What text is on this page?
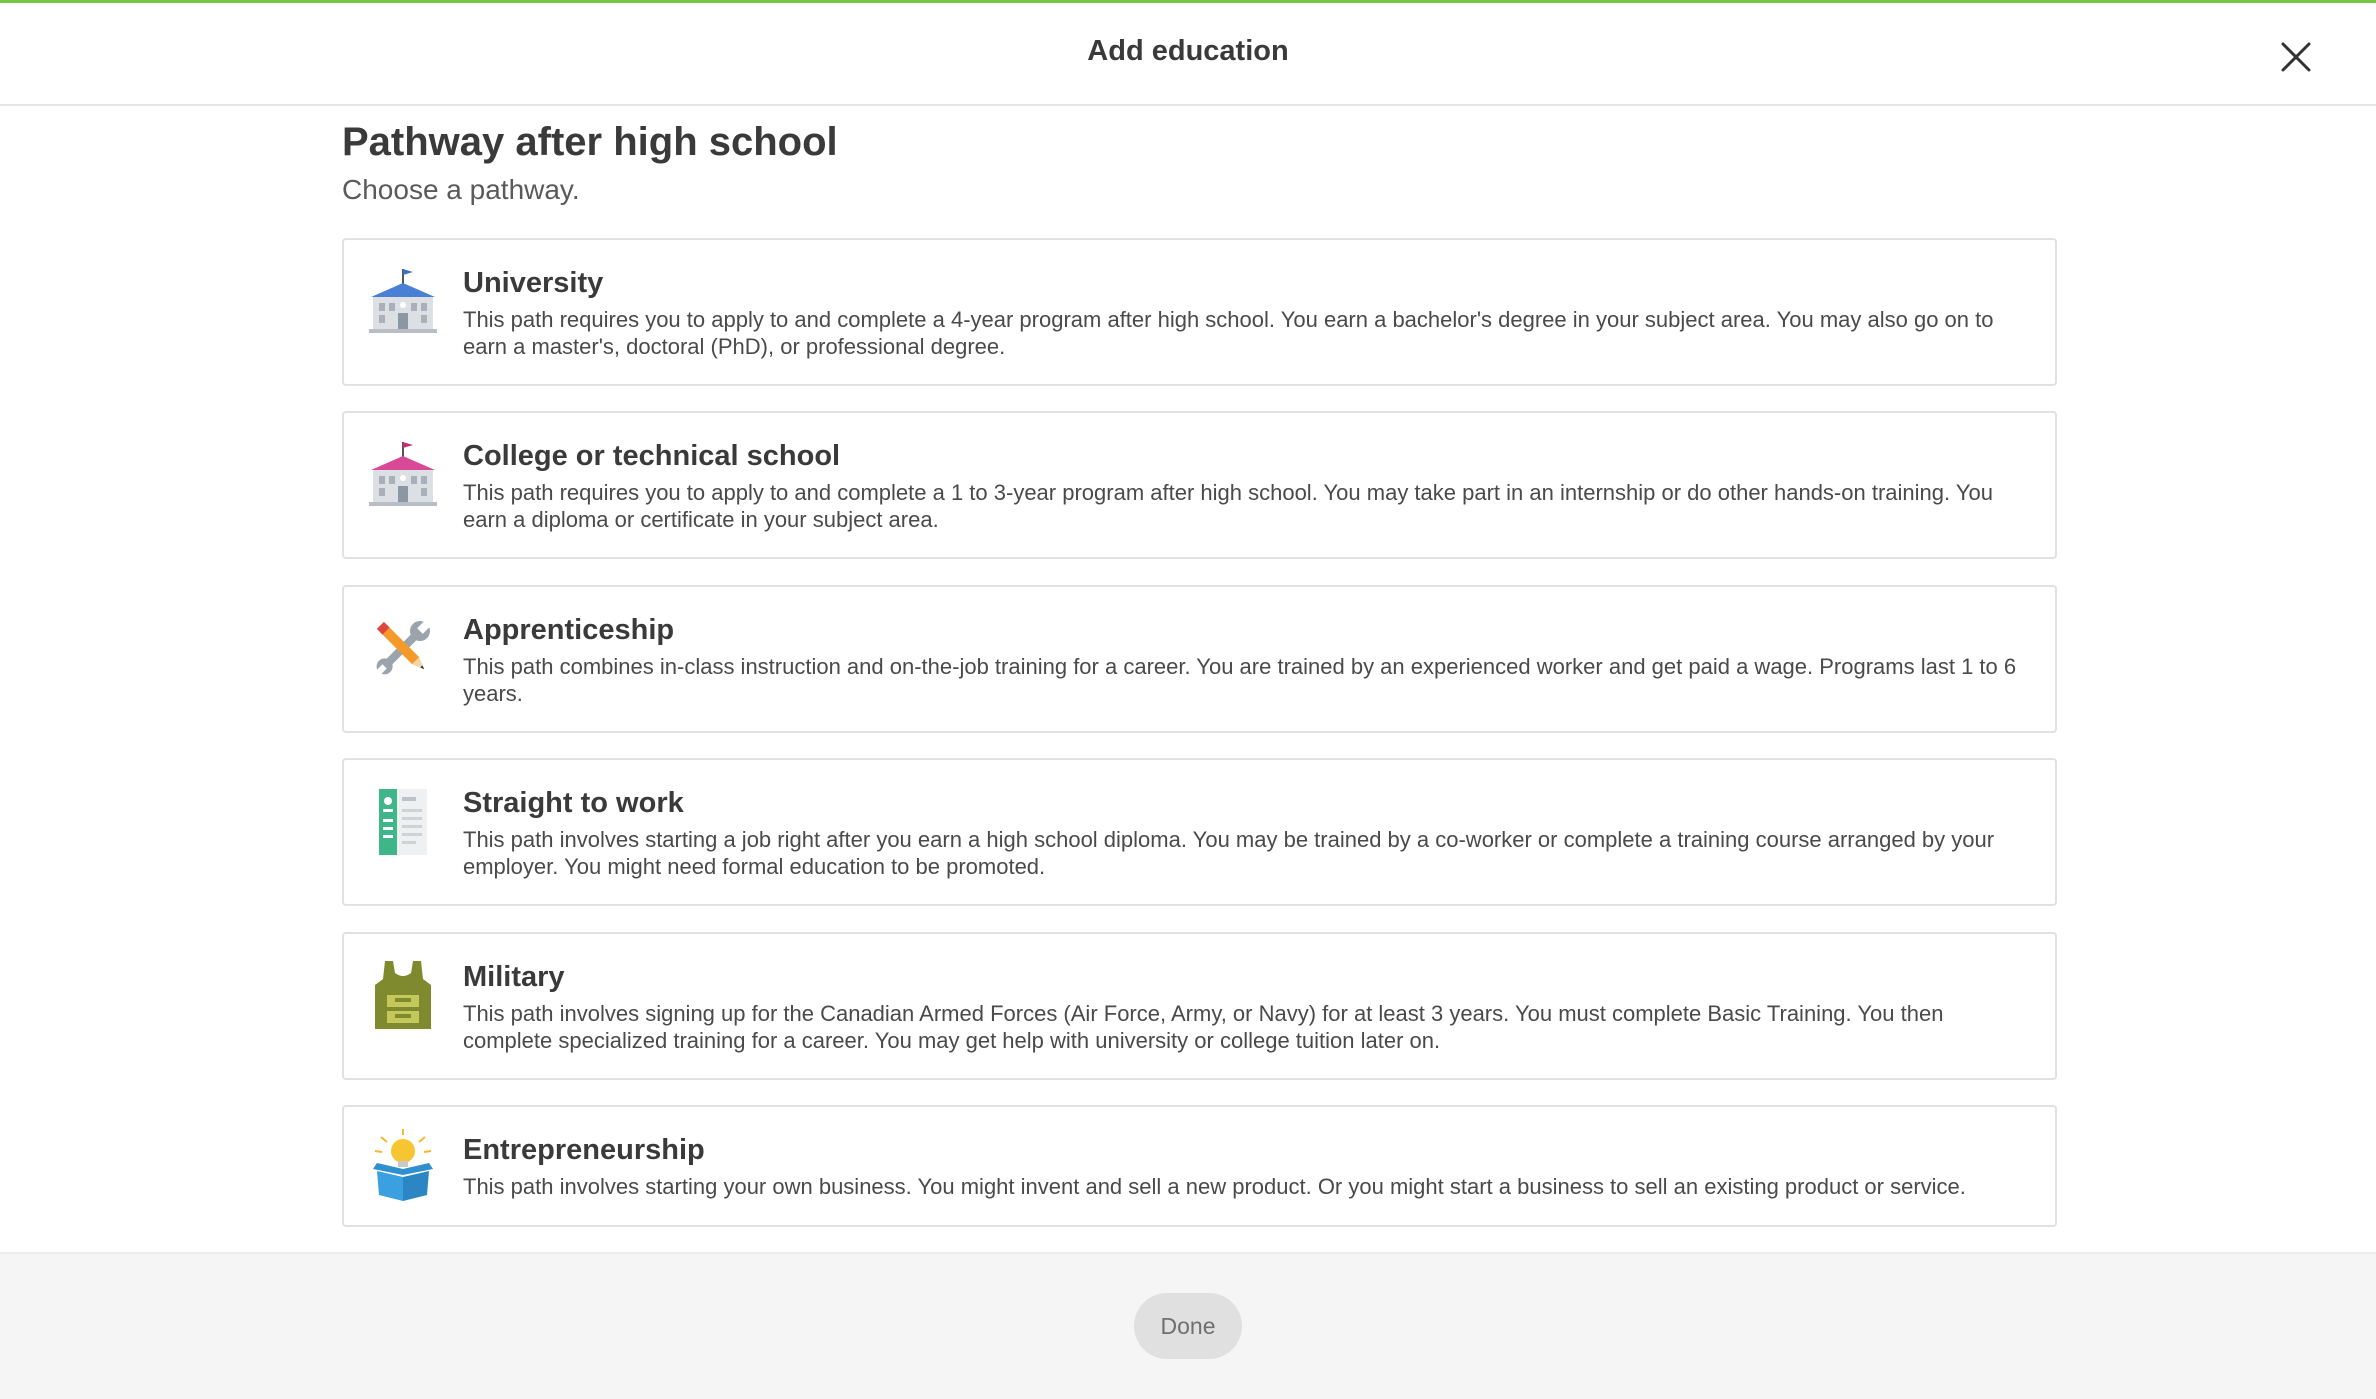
Add education
Pathway after high school
Choose a pathway.
University
This path requires you to apply to and complete a 4-year program after high school. You earn a bachelor's degree in your subject area. You may also go on to earn a master's, doctoral (PhD), or professional degree.
College or technical school
This path requires you to apply to and complete a 1 to 3-year program after high school. You may take part in an internship or do other hands-on training. You earn a diploma or certificate in your subject area.
Apprenticeship
This path combines in-class instruction and on-the-job training for a career. You are trained by an experienced worker and get paid a wage. Programs last 1 to 6 years.
Straight to work
This path involves starting a job right after you earn a high school diploma. You may be trained by a co-worker or complete a training course arranged by your employer. You might need formal education to be promoted.
Military
This path involves signing up for the Canadian Armed Forces (Air Force, Army, or Navy) for at least 3 years. You must complete Basic Training. You then complete specialized training for a career. You may get help with university or college tuition later on.
Entrepreneurship
This path involves starting your own business. You might invent and sell a new product. Or you might start a business to sell an existing product or service.
Done
